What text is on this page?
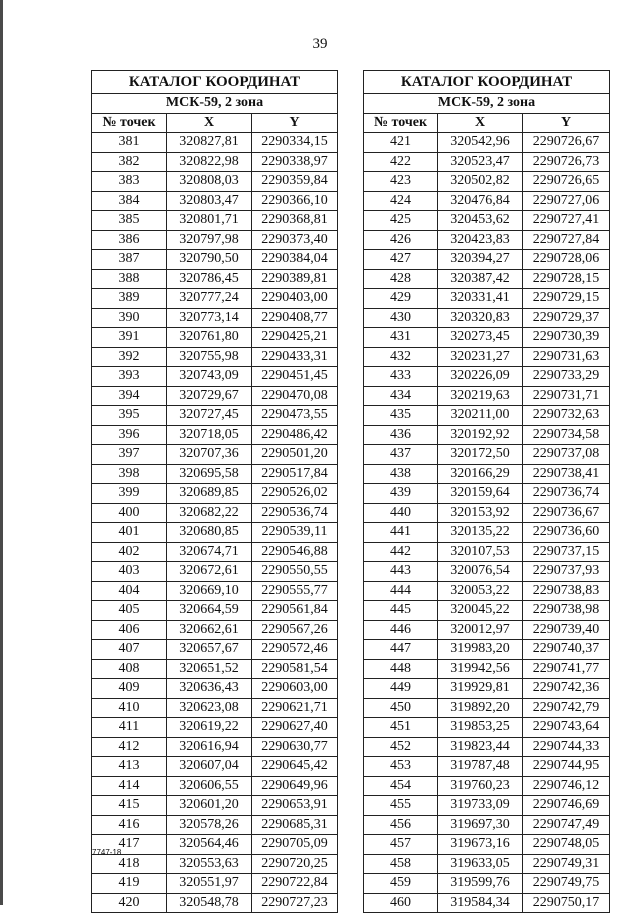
39
КАТАЛОГ КООРДИНАТ		
МСК-59, 2 зона		
№ точек	X	Y
381	320827,81	2290334,15
382	320822,98	2290338,97
383	320808,03	2290359,84
384	320803,47	2290366,10
385	320801,71	2290368,81
386	320797,98	2290373,40
387	320790,50	2290384,04
388	320786,45	2290389,81
389	320777,24	2290403,00
390	320773,14	2290408,77
391	320761,80	2290425,21
392	320755,98	2290433,31
393	320743,09	2290451,45
394	320729,67	2290470,08
395	320727,45	2290473,55
396	320718,05	2290486,42
397	320707,36	2290501,20
398	320695,58	2290517,84
399	320689,85	2290526,02
400	320682,22	2290536,74
401	320680,85	2290539,11
402	320674,71	2290546,88
403	320672,61	2290550,55
404	320669,10	2290555,77
405	320664,59	2290561,84
406	320662,61	2290567,26
407	320657,67	2290572,46
408	320651,52	2290581,54
409	320636,43	2290603,00
410	320623,08	2290621,71
411	320619,22	2290627,40
412	320616,94	2290630,77
413	320607,04	2290645,42
414	320606,55	2290649,96
415	320601,20	2290653,91
416	320578,26	2290685,31
417	320564,46	2290705,09
418	320553,63	2290720,25
419	320551,97	2290722,84
420	320548,78	2290727,23
КАТАЛОГ КООРДИНАТ		
МСК-59, 2 зона		
№ точек	X	Y
421	320542,96	2290726,67
422	320523,47	2290726,73
423	320502,82	2290726,65
424	320476,84	2290727,06
425	320453,62	2290727,41
426	320423,83	2290727,84
427	320394,27	2290728,06
428	320387,42	2290728,15
429	320331,41	2290729,15
430	320320,83	2290729,37
431	320273,45	2290730,39
432	320231,27	2290731,63
433	320226,09	2290733,29
434	320219,63	2290731,71
435	320211,00	2290732,63
436	320192,92	2290734,58
437	320172,50	2290737,08
438	320166,29	2290738,41
439	320159,64	2290736,74
440	320153,92	2290736,67
441	320135,22	2290736,60
442	320107,53	2290737,15
443	320076,54	2290737,93
444	320053,22	2290738,83
445	320045,22	2290738,98
446	320012,97	2290739,40
447	319983,20	2290740,37
448	319942,56	2290741,77
449	319929,81	2290742,36
450	319892,20	2290742,79
451	319853,25	2290743,64
452	319823,44	2290744,33
453	319787,48	2290744,95
454	319760,23	2290746,12
455	319733,09	2290746,69
456	319697,30	2290747,49
457	319673,16	2290748,05
458	319633,05	2290749,31
459	319599,76	2290749,75
460	319584,34	2290750,17
7747-18
